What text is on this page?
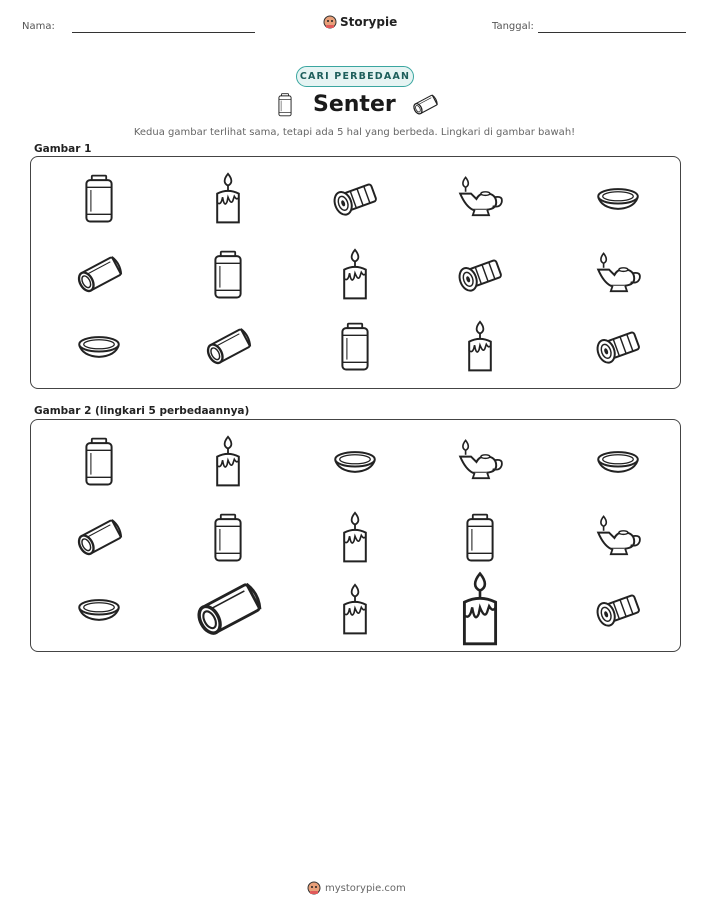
Nama:	Storypie	Tanggal:
CARI PERBEDAAN
Senter
Kedua gambar terlihat sama, tetapi ada 5 hal yang berbeda. Lingkari di gambar bawah!
Gambar 1
Gambar 2 (lingkari 5 perbedaannya)
mystorypie.com
